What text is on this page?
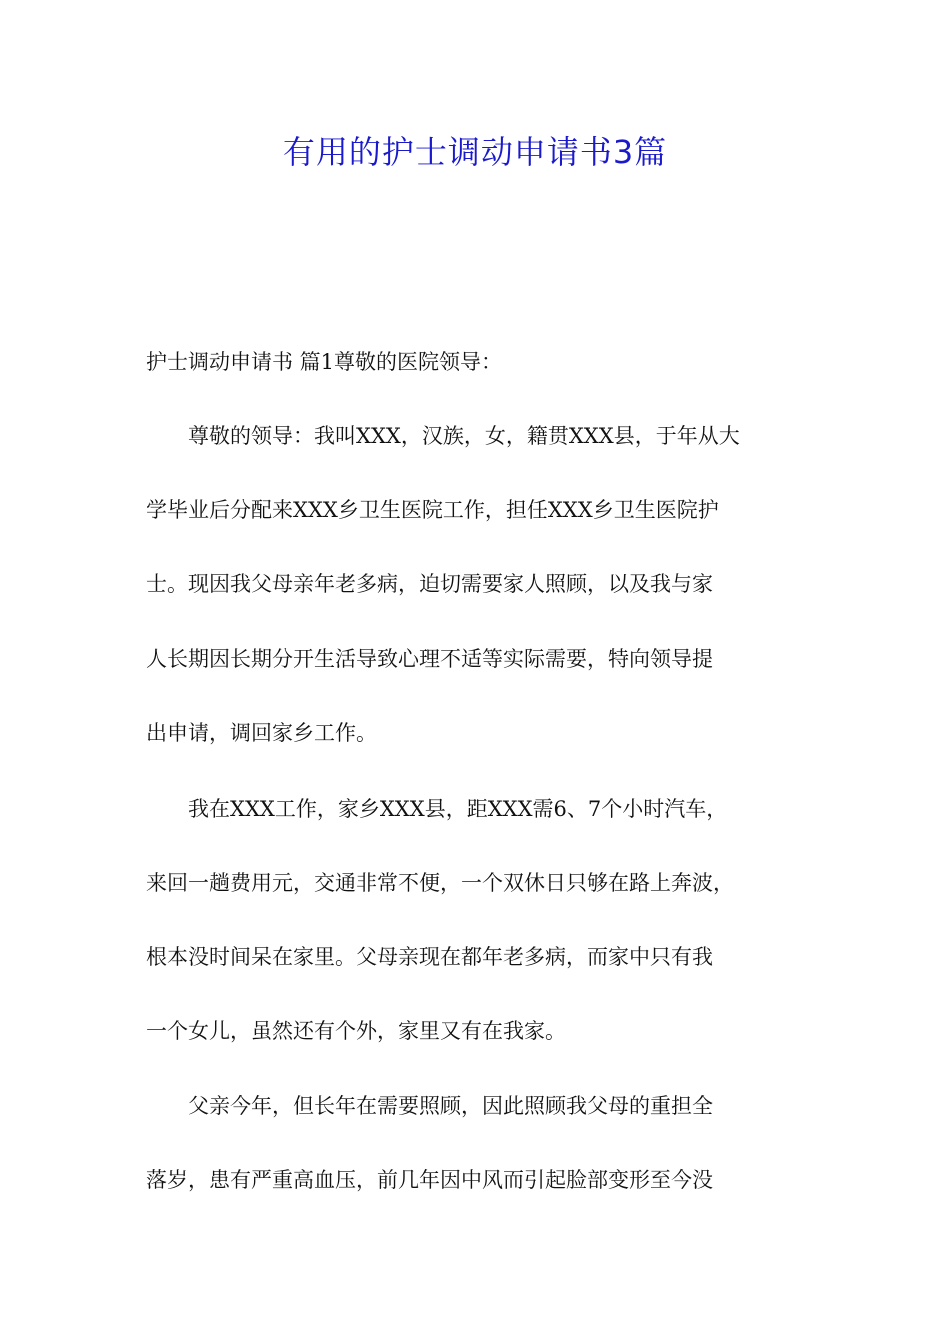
有用的护士调动申请书3篇
护士调动申请书 篇1尊敬的医院领导：
　　尊敬的领导：我叫XXX，汉族，女，籍贯XXX县，于年从大
学毕业后分配来XXX乡卫生医院工作，担任XXX乡卫生医院护
士。现因我父母亲年老多病，迫切需要家人照顾，以及我与家
人长期因长期分开生活导致心理不适等实际需要，特向领导提
出申请，调回家乡工作。
　　我在XXX工作，家乡XXX县，距XXX需6、7个小时汽车，
来回一趟费用元，交通非常不便，一个双休日只够在路上奔波，
根本没时间呆在家里。父母亲现在都年老多病，而家中只有我
一个女儿，虽然还有个外，家里又有在我家。
　　父亲今年，但长年在需要照顾，因此照顾我父母的重担全
落岁，患有严重高血压，前几年因中风而引起脸部变形至今没
